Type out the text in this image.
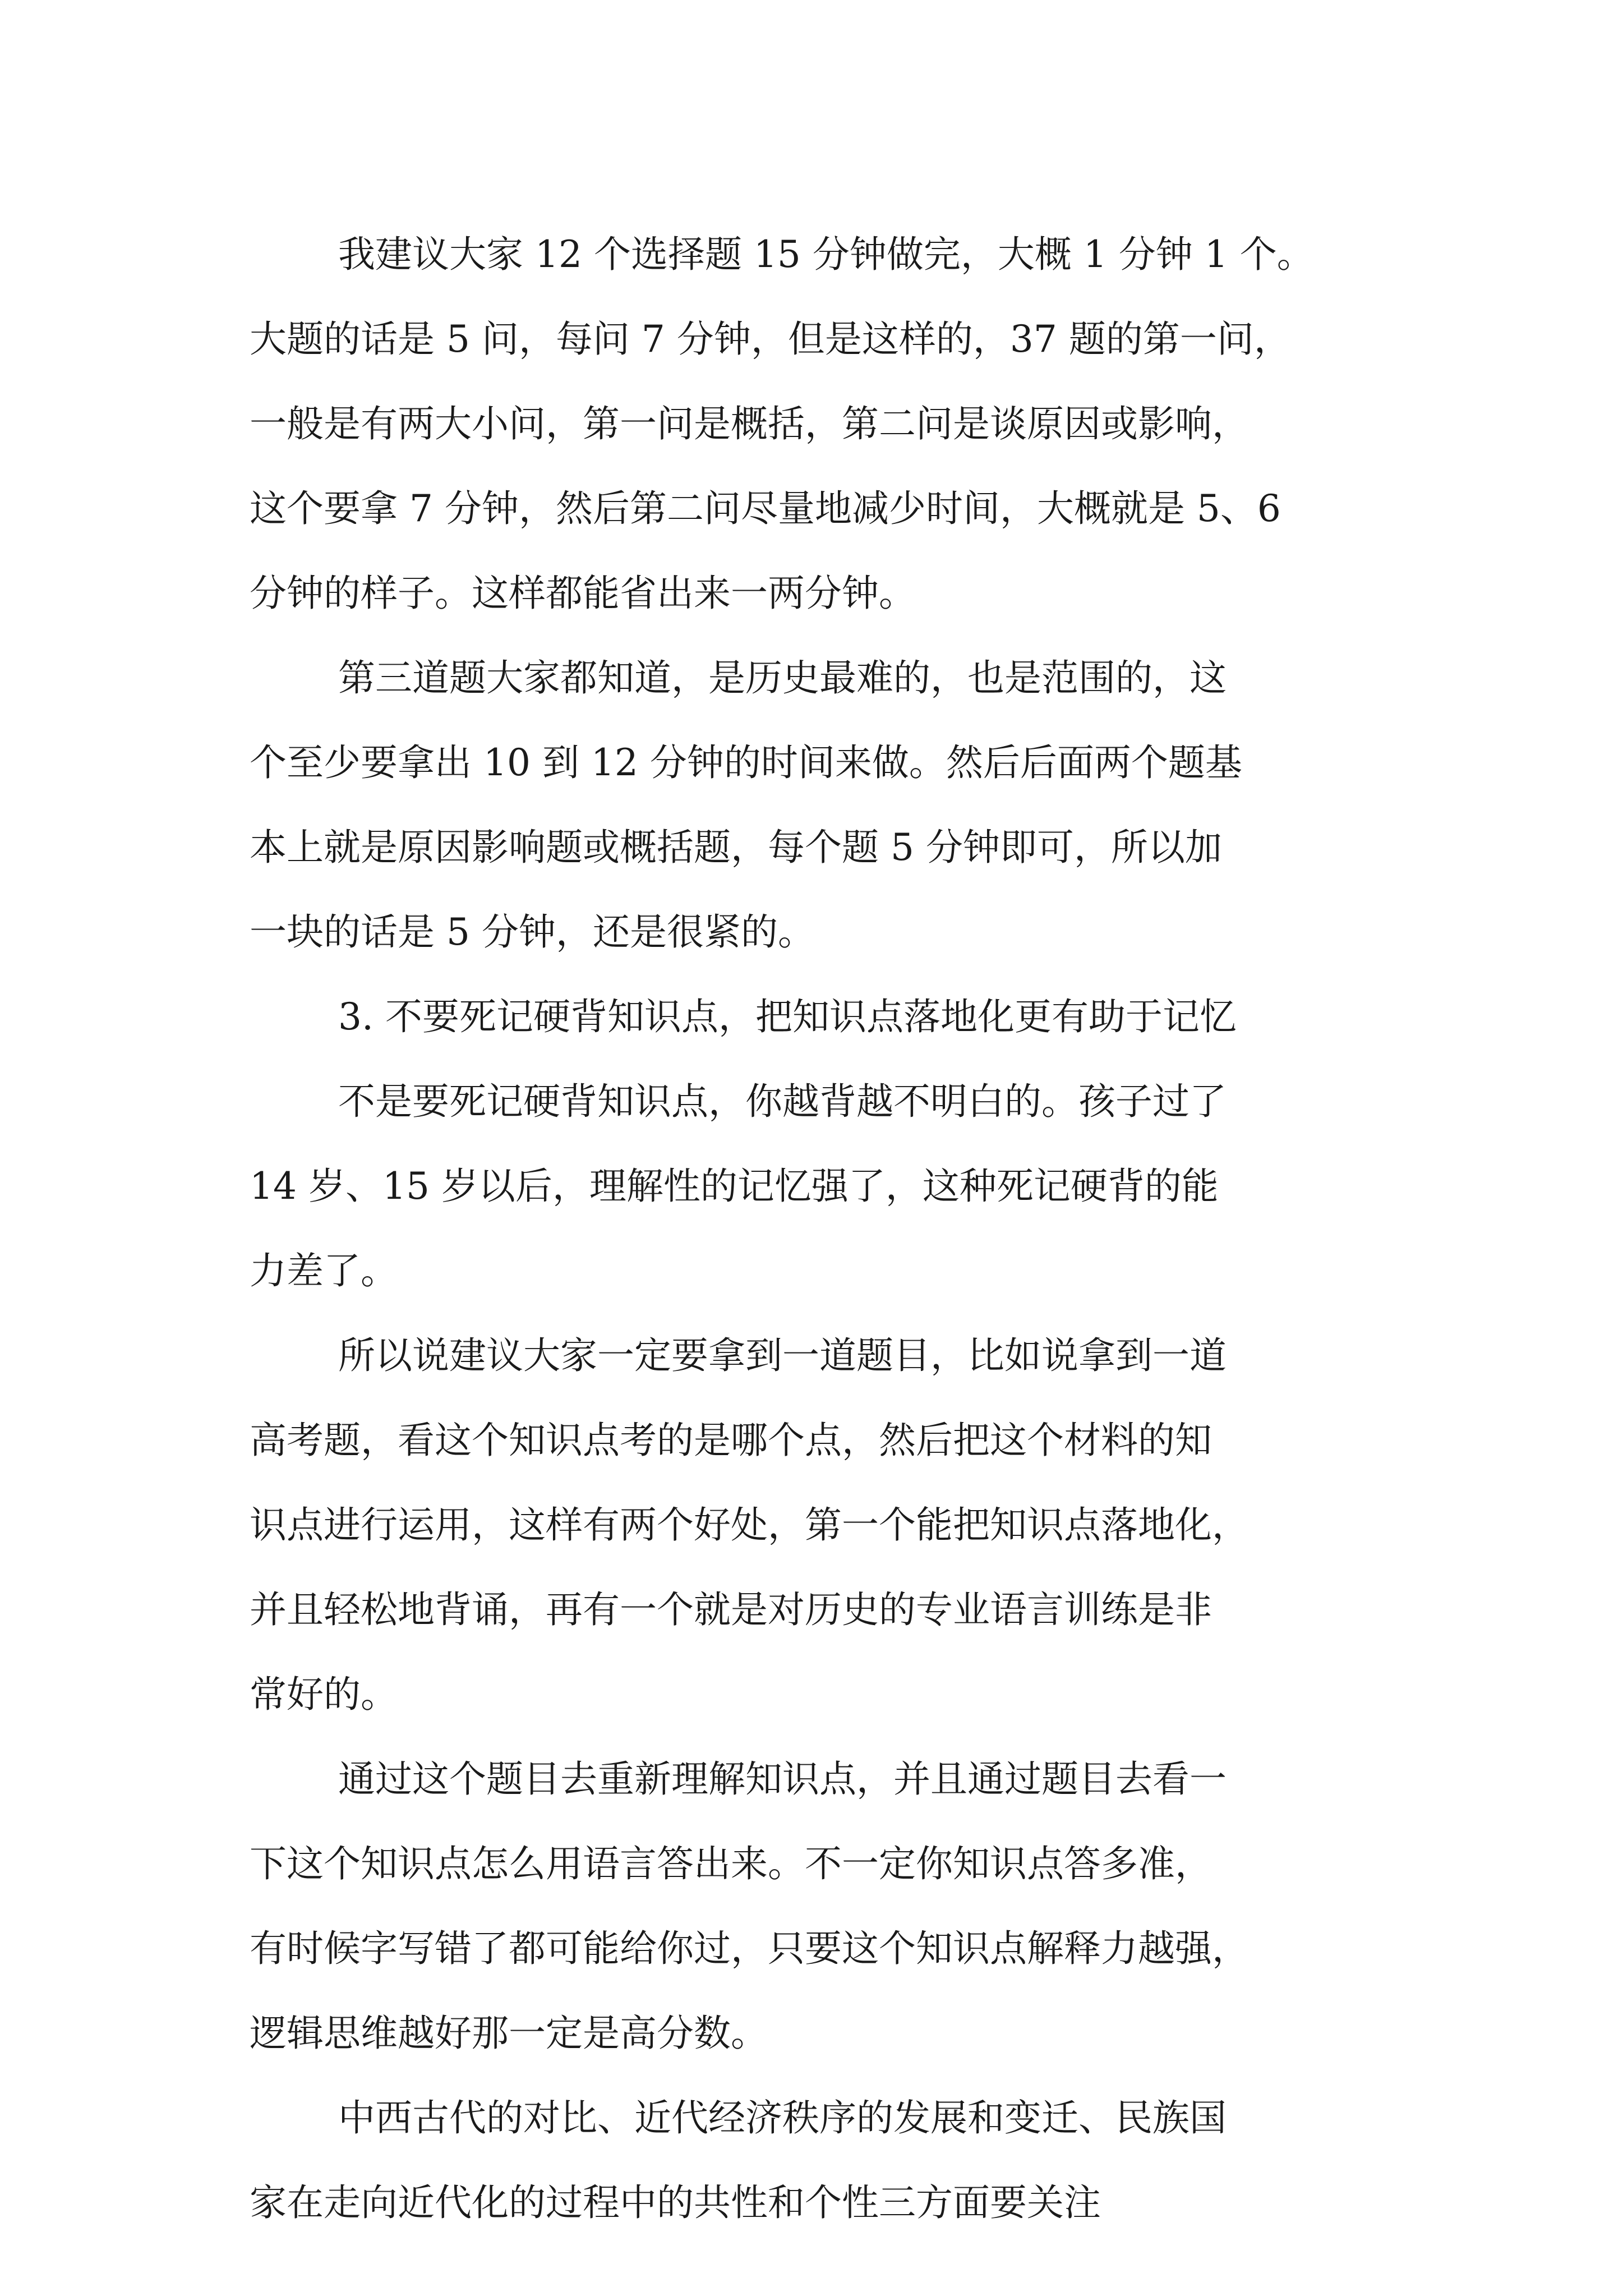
我建议大家 12 个选择题 15 分钟做完，大概 1 分钟 1 个。
大题的话是 5 问，每问 7 分钟，但是这样的，37 题的第一问，
一般是有两大小问，第一问是概括，第二问是谈原因或影响，
这个要拿 7 分钟，然后第二问尽量地减少时间，大概就是 5、6
分钟的样子。这样都能省出来一两分钟。
第三道题大家都知道，是历史最难的，也是范围的，这
个至少要拿出 10 到 12 分钟的时间来做。然后后面两个题基
本上就是原因影响题或概括题，每个题 5 分钟即可，所以加
一块的话是 5 分钟，还是很紧的。
3. 不要死记硬背知识点，把知识点落地化更有助于记忆
不是要死记硬背知识点，你越背越不明白的。孩子过了
14 岁、15 岁以后，理解性的记忆强了，这种死记硬背的能
力差了。
所以说建议大家一定要拿到一道题目，比如说拿到一道
高考题，看这个知识点考的是哪个点，然后把这个材料的知
识点进行运用，这样有两个好处，第一个能把知识点落地化，
并且轻松地背诵，再有一个就是对历史的专业语言训练是非
常好的。
通过这个题目去重新理解知识点，并且通过题目去看一
下这个知识点怎么用语言答出来。不一定你知识点答多准，
有时候字写错了都可能给你过，只要这个知识点解释力越强，
逻辑思维越好那一定是高分数。
中西古代的对比、近代经济秩序的发展和变迁、民族国
家在走向近代化的过程中的共性和个性三方面要关注
